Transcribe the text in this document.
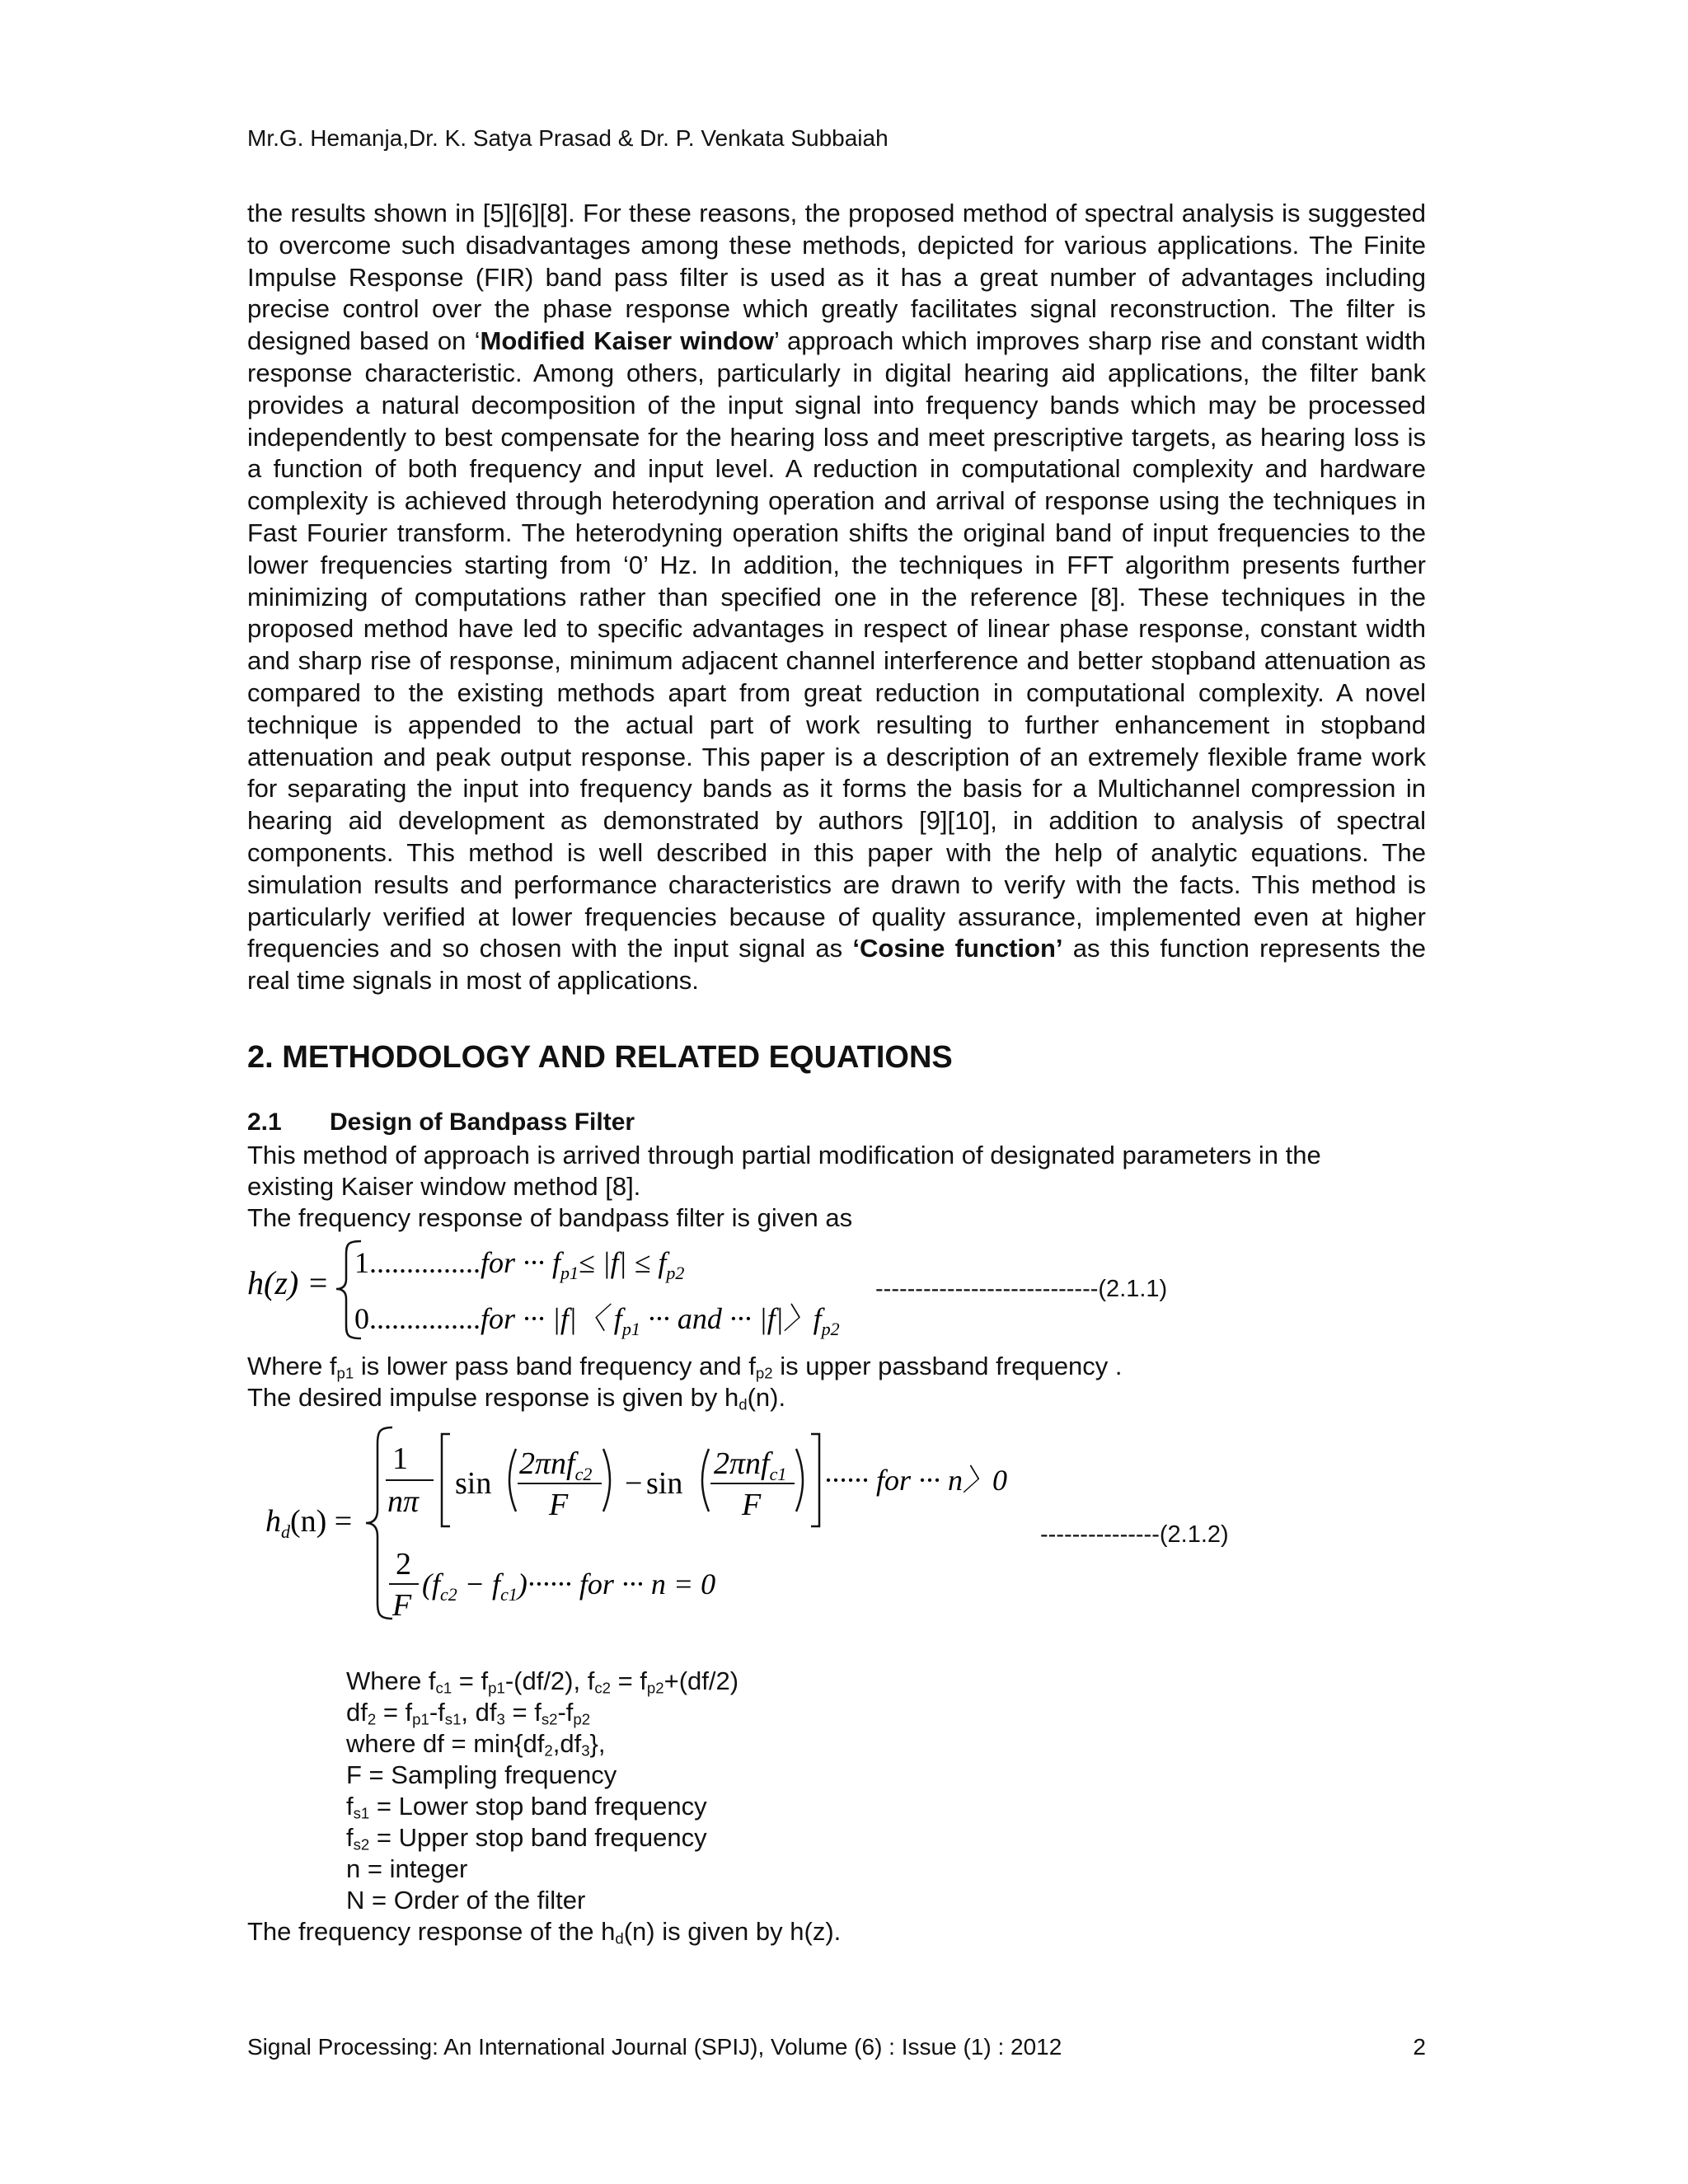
Mr.G. Hemanja,Dr. K. Satya Prasad & Dr. P. Venkata Subbaiah
the results shown in [5][6][8]. For these reasons, the proposed method of spectral analysis is suggested to overcome such disadvantages among these methods, depicted for various applications. The Finite Impulse Response (FIR) band pass filter is used as it has a great number of advantages including precise control over the phase response which greatly facilitates signal reconstruction. The filter is designed based on ‘Modified Kaiser window’ approach which improves sharp rise and constant width response characteristic. Among others, particularly in digital hearing aid applications, the filter bank provides a natural decomposition of the input signal into frequency bands which may be processed independently to best compensate for the hearing loss and meet prescriptive targets, as hearing loss is a function of both frequency and input level. A reduction in computational complexity and hardware complexity is achieved through heterodyning operation and arrival of response using the techniques in Fast Fourier transform. The heterodyning operation shifts the original band of input frequencies to the lower frequencies starting from ‘0’ Hz. In addition, the techniques in FFT algorithm presents further minimizing of computations rather than specified one in the reference [8]. These techniques in the proposed method have led to specific advantages in respect of linear phase response, constant width and sharp rise of response, minimum adjacent channel interference and better stopband attenuation as compared to the existing methods apart from great reduction in computational complexity. A novel technique is appended to the actual part of work resulting to further enhancement in stopband attenuation and peak output response. This paper is a description of an extremely flexible frame work for separating the input into frequency bands as it forms the basis for a Multichannel compression in hearing aid development as demonstrated by authors [9][10], in addition to analysis of spectral components. This method is well described in this paper with the help of analytic equations. The simulation results and performance characteristics are drawn to verify with the facts. This method is particularly verified at lower frequencies because of quality assurance, implemented even at higher frequencies and so chosen with the input signal as ‘Cosine function’ as this function represents the real time signals in most of applications.
2. METHODOLOGY AND RELATED EQUATIONS
2.1 Design of Bandpass Filter
This method of approach is arrived through partial modification of designated parameters in the
existing Kaiser window method [8].
The frequency response of bandpass filter is given as
h(z) =
1...............for ··· $f_{p1}\le |f| \le f_{p2}$
0...............for ··· |f|〈 $f_{p1}$ ··· and ··· |f|〉$f_{p2}$
----------------------------(2.1.1)
Where $f_{p1}$ is lower pass band frequency and $f_{p2}$ is upper passband frequency .
The desired impulse response is given by $h_d(n)$.
$h_d(n)$ =
1
nπ
sin
2πnf$_{c2}$
F
− sin
2πnf$_{c1}$
F
······ for ··· n〉0
2
F
$(f_{c2} - f_{c1})\cdot\cdot\cdot\cdot\cdot\cdot$ for ··· n = 0
---------------(2.1.2)
Where $f_{c1} = f_{p1}-(df/2)$, $f_{c2} = f_{p2}+(df/2)$
$df_2 = f_{p1}-f_{s1}$, $df_3 = f_{s2}-f_{p2}$
where df = $\min\{df_2,df_3\}$,
F = Sampling frequency
$f_{s1}$ = Lower stop band frequency
$f_{s2}$ = Upper stop band frequency
n = integer
N = Order of the filter
The frequency response of the $h_d(n)$ is given by h(z).
Signal Processing: An International Journal (SPIJ), Volume (6) : Issue (1) : 2012	2
